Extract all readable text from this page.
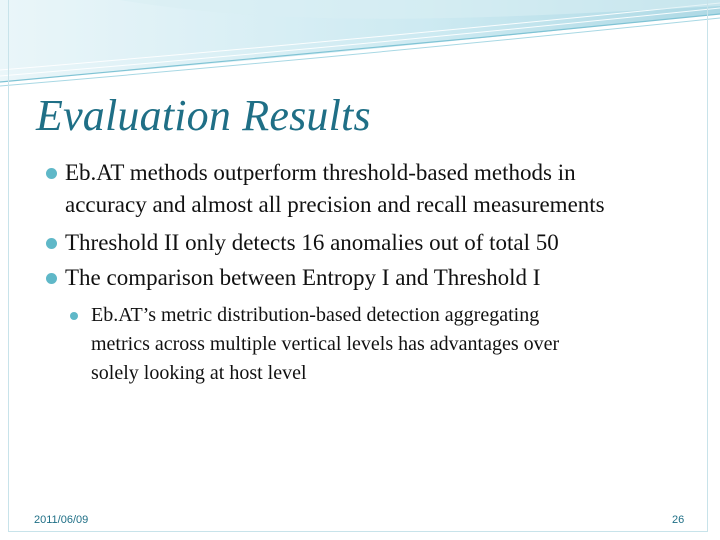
Evaluation Results
Eb.AT methods outperform threshold-based methods in
accuracy and almost all precision and recall measurements
Threshold II only detects 16 anomalies out of total 50
The comparison between Entropy I and Threshold I
Eb.AT’s metric distribution-based detection aggregating
metrics across multiple vertical levels has advantages over
solely looking at host level
2011/06/09	26
